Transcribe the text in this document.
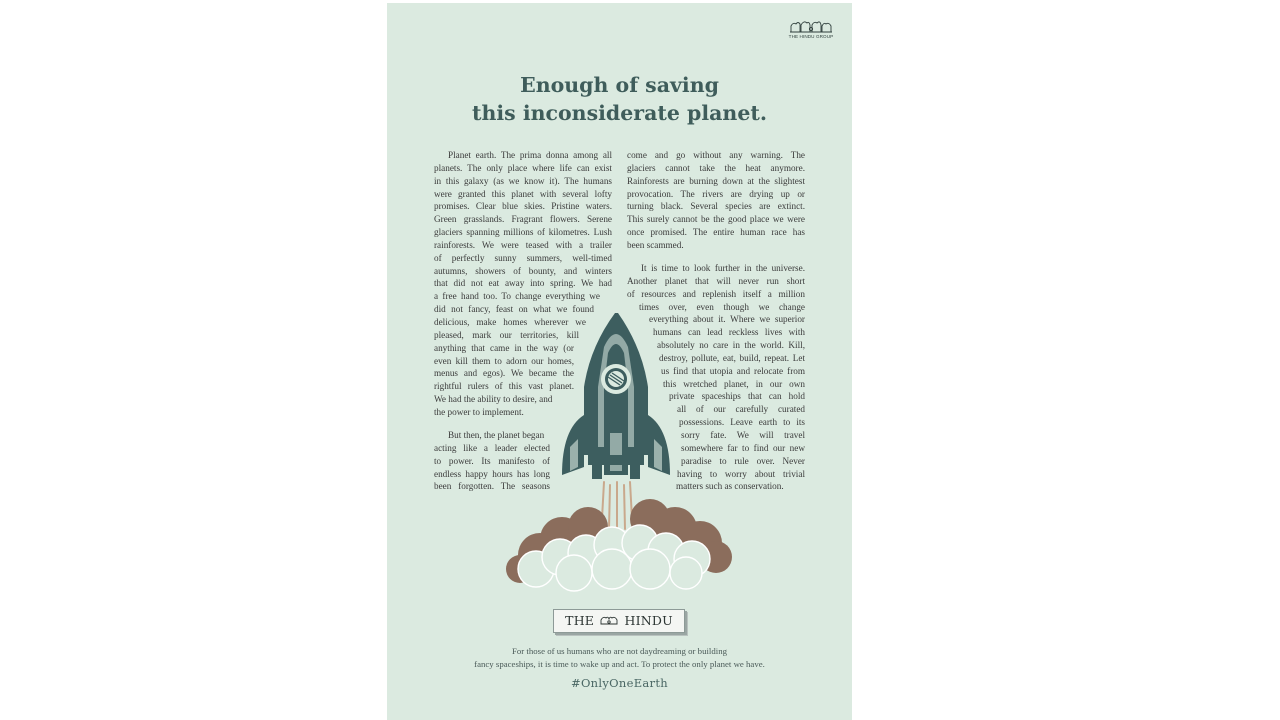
THE HINDU GROUP
Enough of saving
this inconsiderate planet.

Planet earth. The prima donna among all
planets. The only place where life can exist
in this galaxy (as we know it). The humans
were granted this planet with several lofty
promises. Clear blue skies. Pristine waters.
Green grasslands. Fragrant flowers. Serene
glaciers spanning millions of kilometres. Lush
rainforests. We were teased with a trailer
of perfectly sunny summers, well-timed
autumns, showers of bounty, and winters
that did not eat away into spring. We had
a free hand too. To change everything we
did not fancy, feast on what we found
delicious, make homes wherever we
pleased, mark our territories, kill
anything that came in the way (or
even kill them to adorn our homes,
menus and egos). We became the
rightful rulers of this vast planet.
We had the ability to desire, and
the power to implement.

But then, the planet began
acting like a leader elected
to power. Its manifesto of
endless happy hours has long
been forgotten. The seasons

come and go without any warning. The
glaciers cannot take the heat anymore.
Rainforests are burning down at the slightest
provocation. The rivers are drying up or
turning black. Several species are extinct.
This surely cannot be the good place we were
once promised. The entire human race has
been scammed.

It is time to look further in the universe.
Another planet that will never run short
of resources and replenish itself a million
times over, even though we change
everything about it. Where we superior
humans can lead reckless lives with
absolutely no care in the world. Kill,
destroy, pollute, eat, build, repeat. Let
us find that utopia and relocate from
this wretched planet, in our own
private spaceships that can hold
all of our carefully curated
possessions. Leave earth to its
sorry fate. We will travel
somewhere far to find our new
paradise to rule over. Never
having to worry about trivial
matters such as conservation.

THE HINDU
For those of us humans who are not daydreaming or building
fancy spaceships, it is time to wake up and act. To protect the only planet we have.
#OnlyOneEarth
